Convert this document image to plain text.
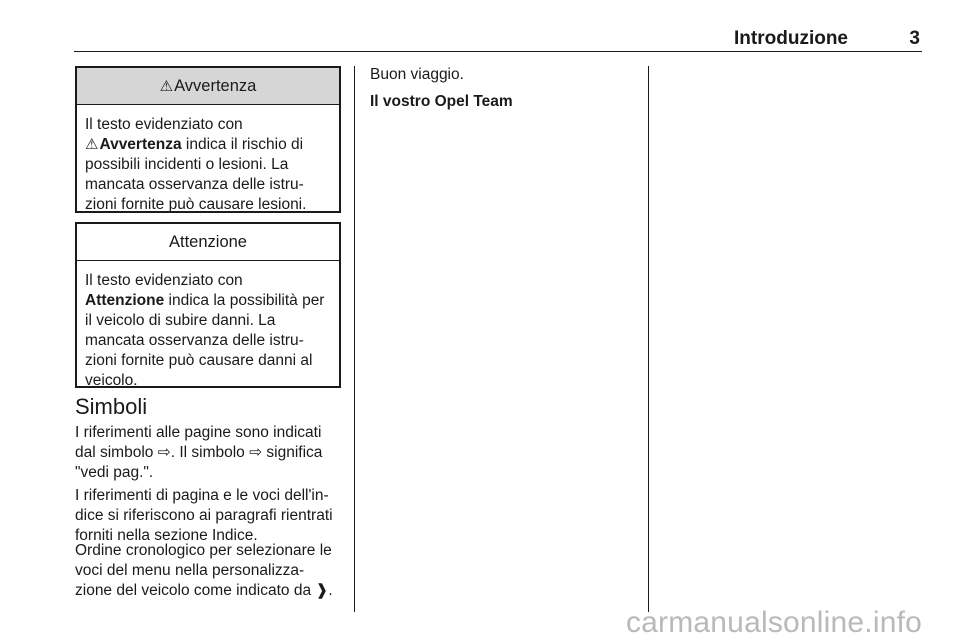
Introduzione	3
⚠Avvertenza
Il testo evidenziato con
⚠Avvertenza indica il rischio di
possibili incidenti o lesioni. La
mancata osservanza delle istru-
zioni fornite può causare lesioni.
Attenzione
Il testo evidenziato con
Attenzione indica la possibilità per
il veicolo di subire danni. La
mancata osservanza delle istru-
zioni fornite può causare danni al
veicolo.
Simboli
I riferimenti alle pagine sono indicati
dal simbolo ⇨. Il simbolo ⇨ significa
"vedi pag.".
I riferimenti di pagina e le voci dell'in-
dice si riferiscono ai paragrafi rientrati
forniti nella sezione Indice.
Ordine cronologico per selezionare le
voci del menu nella personalizza-
zione del veicolo come indicato da ❱.
Buon viaggio.
Il vostro Opel Team
carmanualsonline.info
